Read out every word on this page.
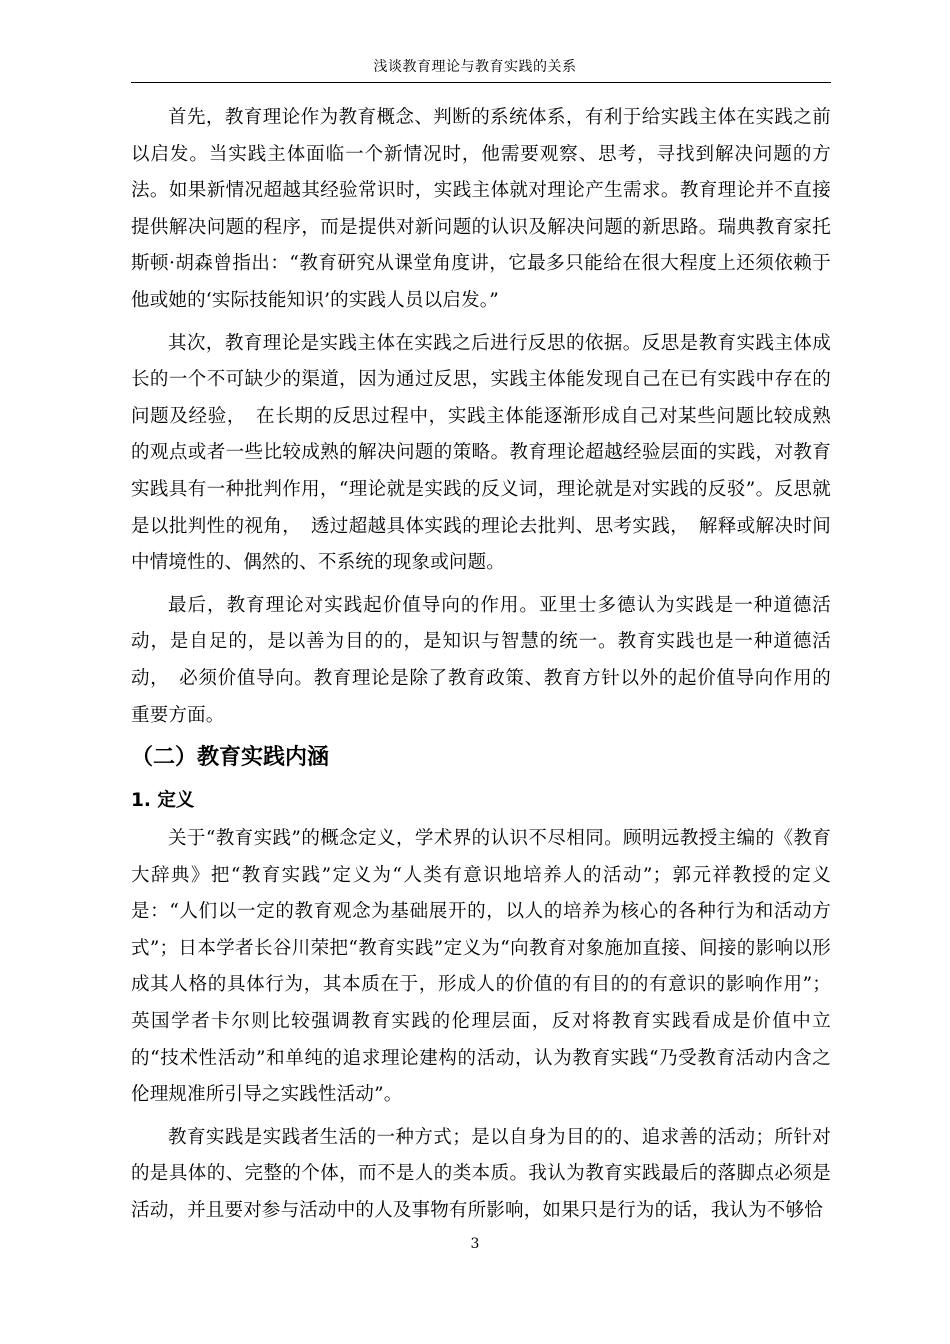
浅谈教育理论与教育实践的关系

首先，教育理论作为教育概念、判断的系统体系，有利于给实践主体在实践之前以启发。当实践主体面临一个新情况时，他需要观察、思考，寻找到解决问题的方法。如果新情况超越其经验常识时，实践主体就对理论产生需求。教育理论并不直接提供解决问题的程序，而是提供对新问题的认识及解决问题的新思路。瑞典教育家托斯顿·胡森曾指出：“教育研究从课堂角度讲，它最多只能给在很大程度上还须依赖于他或她的‘实际技能知识’的实践人员以启发。”

其次，教育理论是实践主体在实践之后进行反思的依据。反思是教育实践主体成长的一个不可缺少的渠道，因为通过反思，实践主体能发现自己在已有实践中存在的问题及经验，　在长期的反思过程中，实践主体能逐渐形成自己对某些问题比较成熟的观点或者一些比较成熟的解决问题的策略。教育理论超越经验层面的实践，对教育实践具有一种批判作用，“理论就是实践的反义词，理论就是对实践的反驳”。反思就是以批判性的视角，　透过超越具体实践的理论去批判、思考实践，　解释或解决时间中情境性的、偶然的、不系统的现象或问题。

最后，教育理论对实践起价值导向的作用。亚里士多德认为实践是一种道德活动，是自足的，是以善为目的的，是知识与智慧的统一。教育实践也是一种道德活动，　必须价值导向。教育理论是除了教育政策、教育方针以外的起价值导向作用的重要方面。

（二）教育实践内涵
1. 定义

关于“教育实践”的概念定义，学术界的认识不尽相同。顾明远教授主编的《教育大辞典》把“教育实践”定义为“人类有意识地培养人的活动”；郭元祥教授的定义是：“人们以一定的教育观念为基础展开的，以人的培养为核心的各种行为和活动方式”；日本学者长谷川荣把“教育实践”定义为“向教育对象施加直接、间接的影响以形成其人格的具体行为，其本质在于，形成人的价值的有目的的有意识的影响作用”；英国学者卡尔则比较强调教育实践的伦理层面，反对将教育实践看成是价值中立的“技术性活动”和单纯的追求理论建构的活动，认为教育实践“乃受教育活动内含之伦理规准所引导之实践性活动”。

教育实践是实践者生活的一种方式；是以自身为目的的、追求善的活动；所针对的是具体的、完整的个体，而不是人的类本质。我认为教育实践最后的落脚点必须是活动，并且要对参与活动中的人及事物有所影响，如果只是行为的话，我认为不够恰

3
